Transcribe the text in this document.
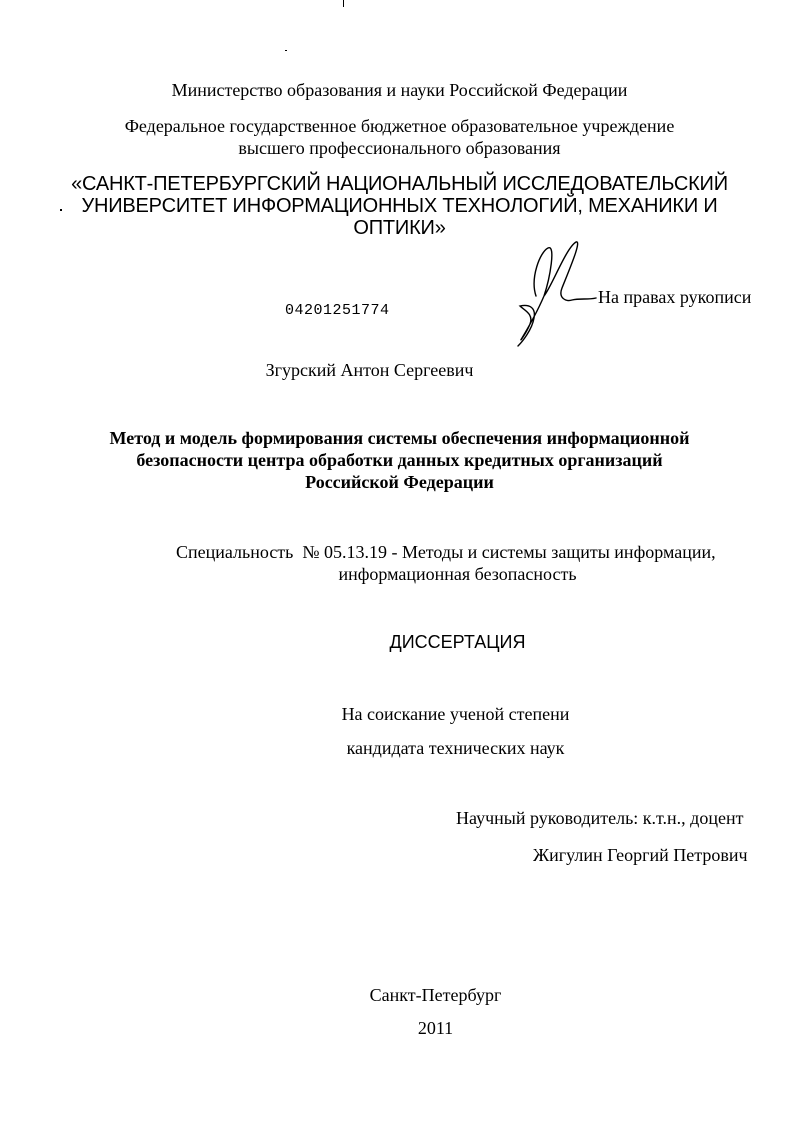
Министерство образования и науки Российской Федерации
Федеральное государственное бюджетное образовательное учреждение
высшего профессионального образования
«САНКТ-ПЕТЕРБУРГСКИЙ НАЦИОНАЛЬНЫЙ ИССЛЕДОВАТЕЛЬСКИЙ
УНИВЕРСИТЕТ ИНФОРМАЦИОННЫХ ТЕХНОЛОГИЙ, МЕХАНИКИ И
ОПТИКИ»
04201251774
На правах рукописи
Згурский Антон Сергеевич
Метод и модель формирования системы обеспечения информационной
безопасности центра обработки данных кредитных организаций
Российской Федерации
Специальность  № 05.13.19 - Методы и системы защиты информации,
информационная безопасность
ДИССЕРТАЦИЯ
На соискание ученой степени
кандидата технических наук
Научный руководитель: к.т.н., доцент
Жигулин Георгий Петрович
Санкт-Петербург
2011
